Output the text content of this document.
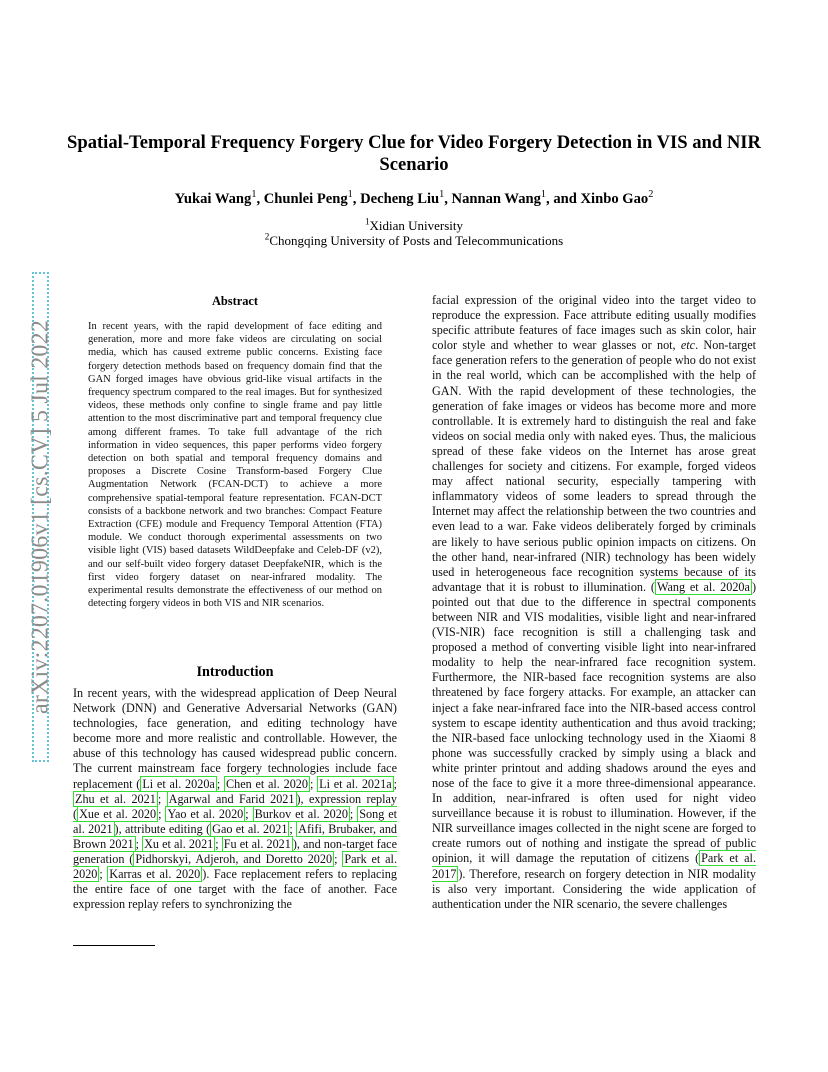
Spatial-Temporal Frequency Forgery Clue for Video Forgery Detection in VIS and NIR Scenario
Yukai Wang$^1$, Chunlei Peng$^1$, Decheng Liu$^1$, Nannan Wang$^1$, and Xinbo Gao$^2$
$^1$Xidian University
$^2$Chongqing University of Posts and Telecommunications
arXiv:2207.01906v1 [cs.CV] 5 Jul 2022
Abstract
In recent years, with the rapid development of face editing and generation, more and more fake videos are circulating on social media, which has caused extreme public concerns. Existing face forgery detection methods based on frequency domain find that the GAN forged images have obvious grid-like visual artifacts in the frequency spectrum compared to the real images. But for synthesized videos, these methods only confine to single frame and pay little attention to the most discriminative part and temporal frequency clue among different frames. To take full advantage of the rich information in video sequences, this paper performs video forgery detection on both spatial and temporal frequency domains and proposes a Discrete Cosine Transform-based Forgery Clue Augmentation Network (FCAN-DCT) to achieve a more comprehensive spatial-temporal feature representation. FCAN-DCT consists of a backbone network and two branches: Compact Feature Extraction (CFE) module and Frequency Temporal Attention (FTA) module. We conduct thorough experimental assessments on two visible light (VIS) based datasets WildDeepfake and Celeb-DF (v2), and our self-built video forgery dataset DeepfakeNIR, which is the first video forgery dataset on near-infrared modality. The experimental results demonstrate the effectiveness of our method on detecting forgery videos in both VIS and NIR scenarios.
Introduction
In recent years, with the widespread application of Deep Neural Network (DNN) and Generative Adversarial Networks (GAN) technologies, face generation, and editing technology have become more and more realistic and controllable. However, the abuse of this technology has caused widespread public concern. The current mainstream face forgery technologies include face replacement ( Li et al. 2020a ; Chen et al. 2020 ; Li et al. 2021a ; Zhu et al. 2021 ; Agarwal and Farid 2021 ), expression replay ( Xue et al. 2020 ; Yao et al. 2020 ; Burkov et al. 2020 ; Song et al. 2021 ), attribute editing ( Gao et al. 2021 ; Afifi, Brubaker, and Brown 2021 ; Xu et al. 2021 ; Fu et al. 2021 ), and non-target face generation ( Pidhorskyi, Adjeroh, and Doretto 2020 ; Park et al. 2020 ; Karras et al. 2020 ). Face replacement refers to replacing the entire face of one target with the face of another. Face expression replay refers to synchronizing the
facial expression of the original video into the target video to reproduce the expression. Face attribute editing usually modifies specific attribute features of face images such as skin color, hair color style and whether to wear glasses or not, etc. Non-target face generation refers to the generation of people who do not exist in the real world, which can be accomplished with the help of GAN. With the rapid development of these technologies, the generation of fake images or videos has become more and more controllable. It is extremely hard to distinguish the real and fake videos on social media only with naked eyes. Thus, the malicious spread of these fake videos on the Internet has arose great challenges for society and citizens. For example, forged videos may affect national security, especially tampering with inflammatory videos of some leaders to spread through the Internet may affect the relationship between the two countries and even lead to a war. Fake videos deliberately forged by criminals are likely to have serious public opinion impacts on citizens. On the other hand, near-infrared (NIR) technology has been widely used in heterogeneous face recognition systems because of its advantage that it is robust to illumination. ( Wang et al. 2020a ) pointed out that due to the difference in spectral components between NIR and VIS modalities, visible light and near-infrared (VIS-NIR) face recognition is still a challenging task and proposed a method of converting visible light into near-infrared modality to help the near-infrared face recognition system. Furthermore, the NIR-based face recognition systems are also threatened by face forgery attacks. For example, an attacker can inject a fake near-infrared face into the NIR-based access control system to escape identity authentication and thus avoid tracking; the NIR-based face unlocking technology used in the Xiaomi 8 phone was successfully cracked by simply using a black and white printer printout and adding shadows around the eyes and nose of the face to give it a more three-dimensional appearance. In addition, near-infrared is often used for night video surveillance because it is robust to illumination. However, if the NIR surveillance images collected in the night scene are forged to create rumors out of nothing and instigate the spread of public opinion, it will damage the reputation of citizens ( Park et al. 2017 ). Therefore, research on forgery detection in NIR modality is also very important. Considering the wide application of authentication under the NIR scenario, the severe challenges
